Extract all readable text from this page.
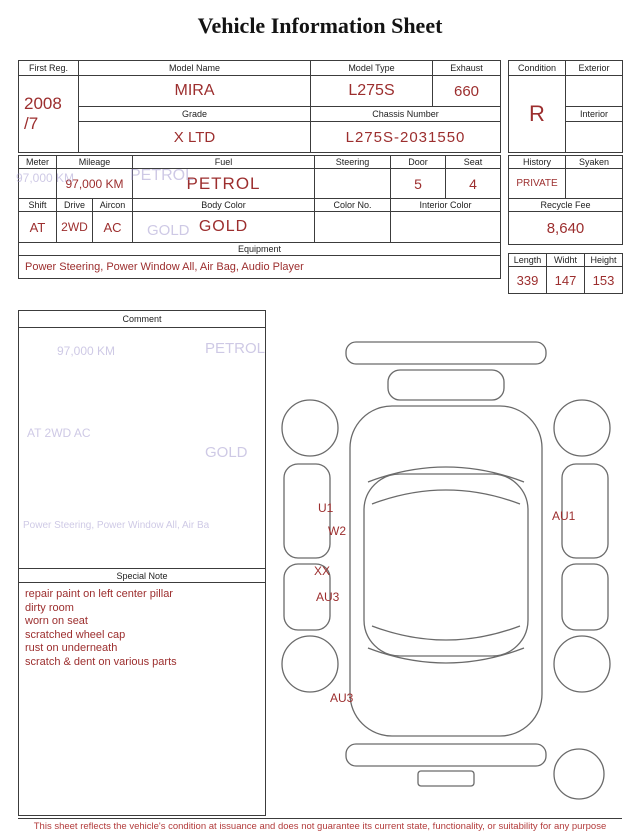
Vehicle Information Sheet
First Reg.	Model Name	Model Type	Exhaust
2008
/7	MIRA	L275S	660
	Grade	Chassis Number	
	X LTD	L275S-2031550	
Condition	Exterior
R	
	Interior

Meter	Mileage		Fuel	Steering	Door	Seat
	97,000 KM		PETROL		5	4
Shift	Drive	Aircon	Body Color	Color No.	Interior Color	
AT	2WD	AC	GOLD			
Equipment						
Power Steering, Power Window All, Air Bag, Audio Player						
History	Syaken
PRIVATE	
Recycle Fee	
8,640	
Length	Widht	Height
339	147	153
97,000 KM	PETROL
GOLD
Comment
97,000 KM	PETROL
AT 2WD AC
GOLD
Power Steering, Power Window All, Air Ba
Special Note
repair paint on left center pillar
dirty room
worn on seat
scratched wheel cap
rust on underneath
scratch & dent on various parts
U1
W2
AU1
XX
AU3
AU3
This sheet reflects the vehicle's condition at issuance and does not guarantee its current state, functionality, or suitability for any purpose
